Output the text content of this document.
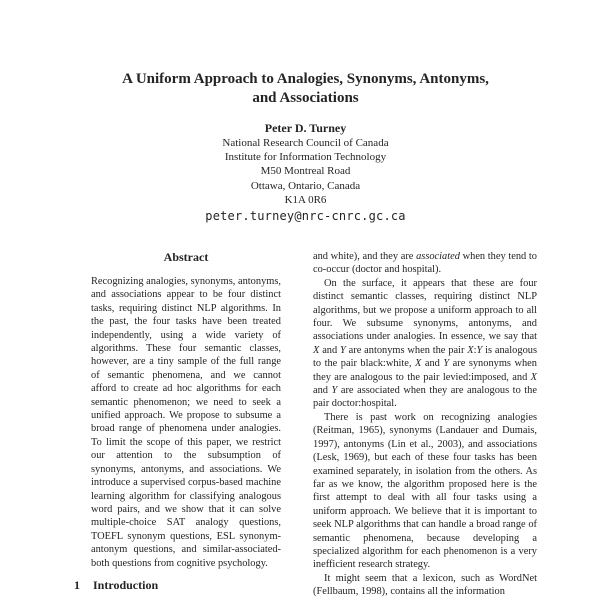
A Uniform Approach to Analogies, Synonyms, Antonyms,
and Associations
Peter D. Turney
National Research Council of Canada
Institute for Information Technology
M50 Montreal Road
Ottawa, Ontario, Canada
K1A 0R6
peter.turney@nrc-cnrc.gc.ca
Abstract
Recognizing analogies, synonyms, antonyms, and associations appear to be four distinct tasks, requiring distinct NLP algorithms. In the past, the four tasks have been treated independently, using a wide variety of algorithms. These four semantic classes, however, are a tiny sample of the full range of semantic phenomena, and we cannot afford to create ad hoc algorithms for each semantic phenomenon; we need to seek a unified approach. We propose to subsume a broad range of phenomena under analogies. To limit the scope of this paper, we restrict our attention to the subsumption of synonyms, antonyms, and associations. We introduce a supervised corpus-based machine learning algorithm for classifying analogous word pairs, and we show that it can solve multiple-choice SAT analogy questions, TOEFL synonym questions, ESL synonym-antonym questions, and similar-associated-both questions from cognitive psychology.
1 Introduction

and white), and they are associated when they tend to co-occur (doctor and hospital).

On the surface, it appears that these are four distinct semantic classes, requiring distinct NLP algorithms, but we propose a uniform approach to all four. We subsume synonyms, antonyms, and associations under analogies. In essence, we say that X and Y are antonyms when the pair X:Y is analogous to the pair black:white, X and Y are synonyms when they are analogous to the pair levied:imposed, and X and Y are associated when they are analogous to the pair doctor:hospital.

There is past work on recognizing analogies (Reitman, 1965), synonyms (Landauer and Dumais, 1997), antonyms (Lin et al., 2003), and associations (Lesk, 1969), but each of these four tasks has been examined separately, in isolation from the others. As far as we know, the algorithm proposed here is the first attempt to deal with all four tasks using a uniform approach. We believe that it is important to seek NLP algorithms that can handle a broad range of semantic phenomena, because developing a specialized algorithm for each phenomenon is a very inefficient research strategy.

It might seem that a lexicon, such as WordNet (Fellbaum, 1998), contains all the information
